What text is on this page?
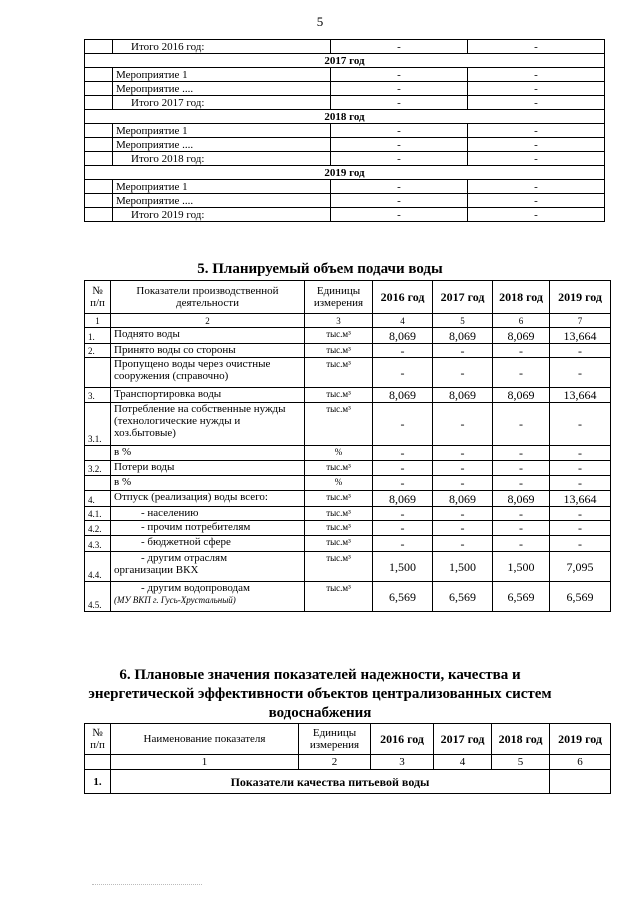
5
	Итого 2016 год:	-	-
2017 год			
	Мероприятие 1	-	-
	Мероприятие ....	-	-
	Итого 2017 год:	-	-
2018 год			
	Мероприятие 1	-	-
	Мероприятие ....	-	-
	Итого 2018 год:	-	-
2019 год			
	Мероприятие 1	-	-
	Мероприятие ....	-	-
	Итого 2019 год:	-	-
5. Планируемый объем подачи воды
№ п/п	Показатели производственной деятельности	Единицы измерения	2016 год	2017 год	2018 год	2019 год
1	2	3	4	5	6	7
1.	Поднято воды	тыс.м³	8,069	8,069	8,069	13,664
2.	Принято воды со стороны	тыс.м³	-	-	-	-

	Пропущено воды через очистные сооружения (справочно)	тыс.м³	-	-	-	-
3.	Транспортировка воды	тыс.м³	8,069	8,069	8,069	13,664
3.1.	Потребление на собственные нужды (технологические нужды и хоз.бытовые)	тыс.м³	-	-	-	-

	в %	%	-	-	-	-
3.2.	Потери воды	тыс.м³	-	-	-	-

	в %	%	-	-	-	-
4.	Отпуск (реализация) воды всего:	тыс.м³	8,069	8,069	8,069	13,664
4.1.	- населению	тыс.м³	-	-	-	-
4.2.	- прочим потребителям	тыс.м³	-	-	-	-
4.3.	- бюджетной сфере	тыс.м³	-	-	-	-
4.4.	- другим отраслям
организации ВКХ	тыс.м³	1,500	1,500	1,500	7,095
4.5.	- другим водопроводам
(МУ ВКП г. Гусь-Хрустальный)	тыс.м³	6,569	6,569	6,569	6,569
6. Плановые значения показателей надежности, качества и
энергетической эффективности объектов централизованных систем
водоснабжения
№ п/п	Наименование показателя	Единицы измерения	2016 год	2017 год	2018 год	2019 год
	1	2	3	4	5	6
1.	Показатели качества питьевой воды					
